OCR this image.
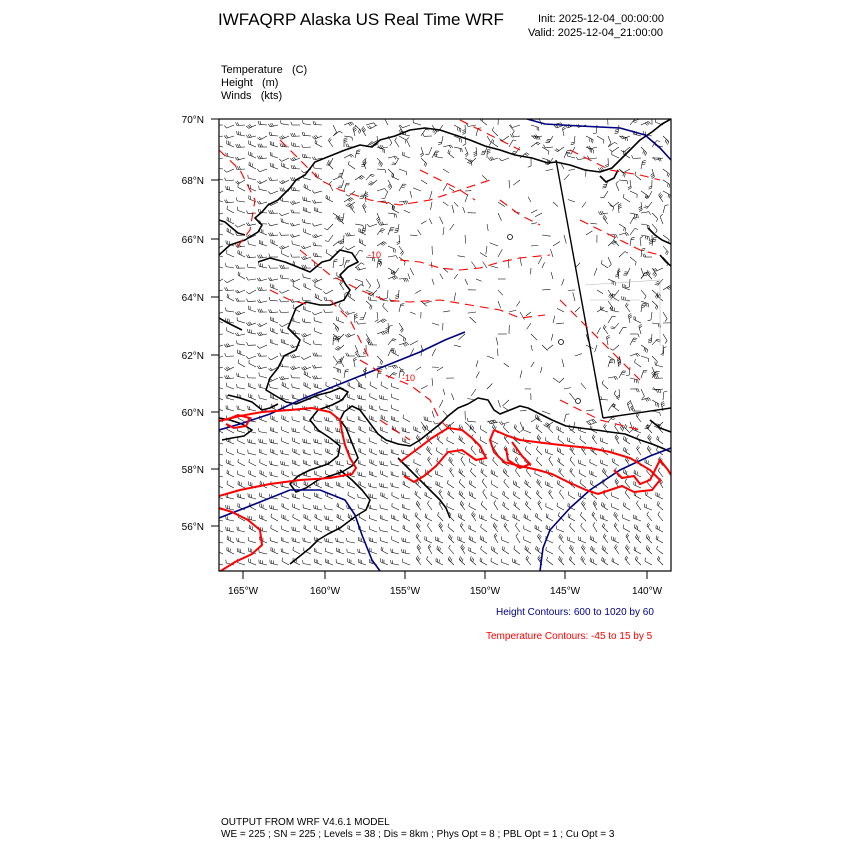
IWFAQRP Alaska US Real Time WRF	Init: 2025-12-04_00:00:00
Valid: 2025-12-04_21:00:00
Temperature (C)
Height (m)
Winds (kts)
-10
-10
70°N
68°N
66°N
64°N
62°N
60°N
58°N
56°N
165°W	160°W	155°W	150°W	145°W	140°W
Height Contours: 600 to 1020 by 60
Temperature Contours: -45 to 15 by 5
OUTPUT FROM WRF V4.6.1 MODEL
WE = 225 ; SN = 225 ; Levels = 38 ; Dis = 8km ; Phys Opt = 8 ; PBL Opt = 1 ; Cu Opt = 3
